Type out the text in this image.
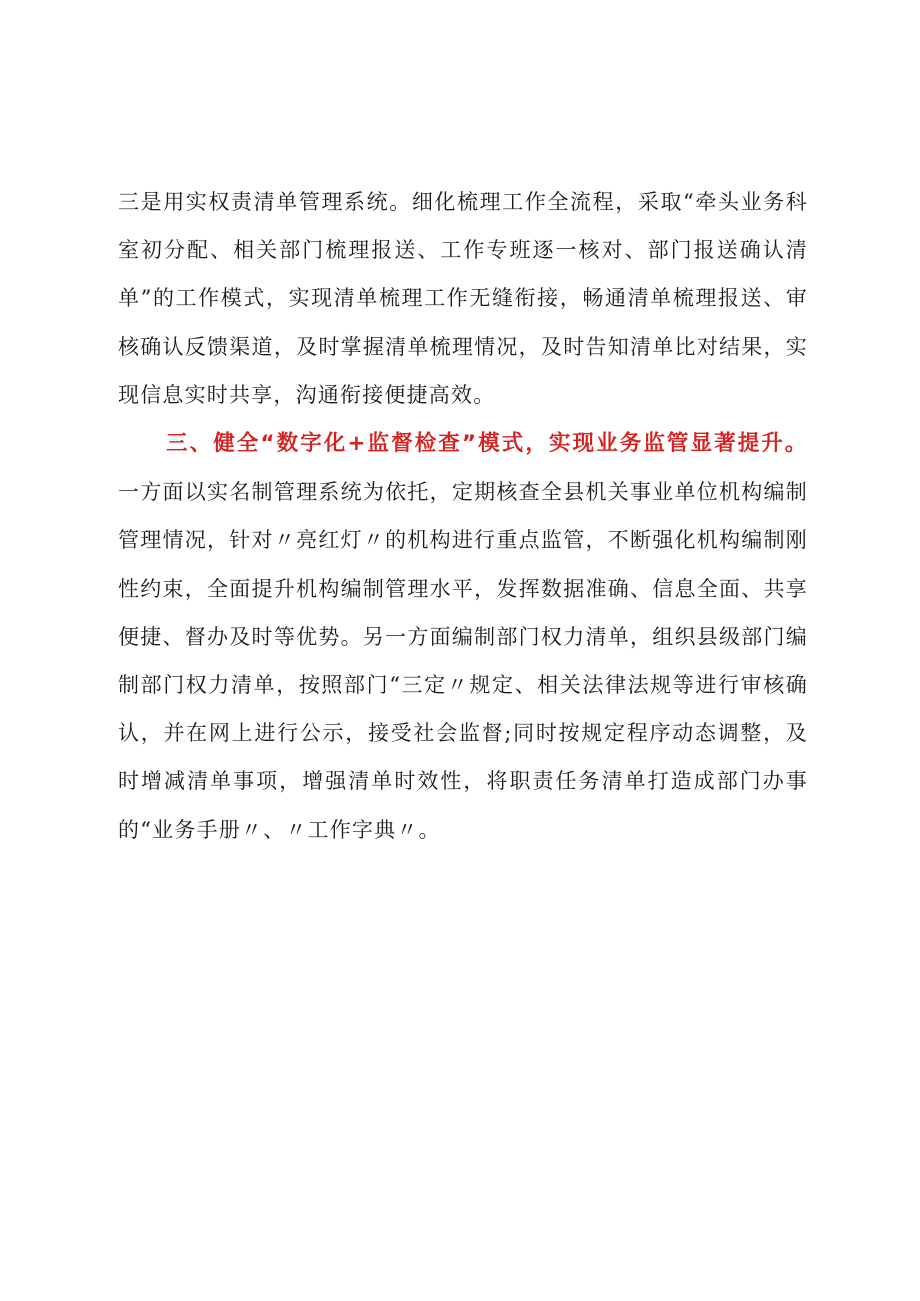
三是用实权责清单管理系统。细化梳理工作全流程，采取“牵头业务科室初分配、相关部门梳理报送、工作专班逐一核对、部门报送确认清单”的工作模式，实现清单梳理工作无缝衔接，畅通清单梳理报送、审核确认反馈渠道，及时掌握清单梳理情况，及时告知清单比对结果，实现信息实时共享，沟通衔接便捷高效。

三、健全“数字化+监督检查”模式，实现业务监管显著提升。一方面以实名制管理系统为依托，定期核查全县机关事业单位机构编制管理情况，针对〃亮红灯〃的机构进行重点监管，不断强化机构编制刚性约束，全面提升机构编制管理水平，发挥数据准确、信息全面、共享便捷、督办及时等优势。另一方面编制部门权力清单，组织县级部门编制部门权力清单，按照部门“三定〃规定、相关法律法规等进行审核确认，并在网上进行公示，接受社会监督;同时按规定程序动态调整，及时增减清单事项，增强清单时效性，将职责任务清单打造成部门办事的“业务手册〃、〃工作字典〃。
